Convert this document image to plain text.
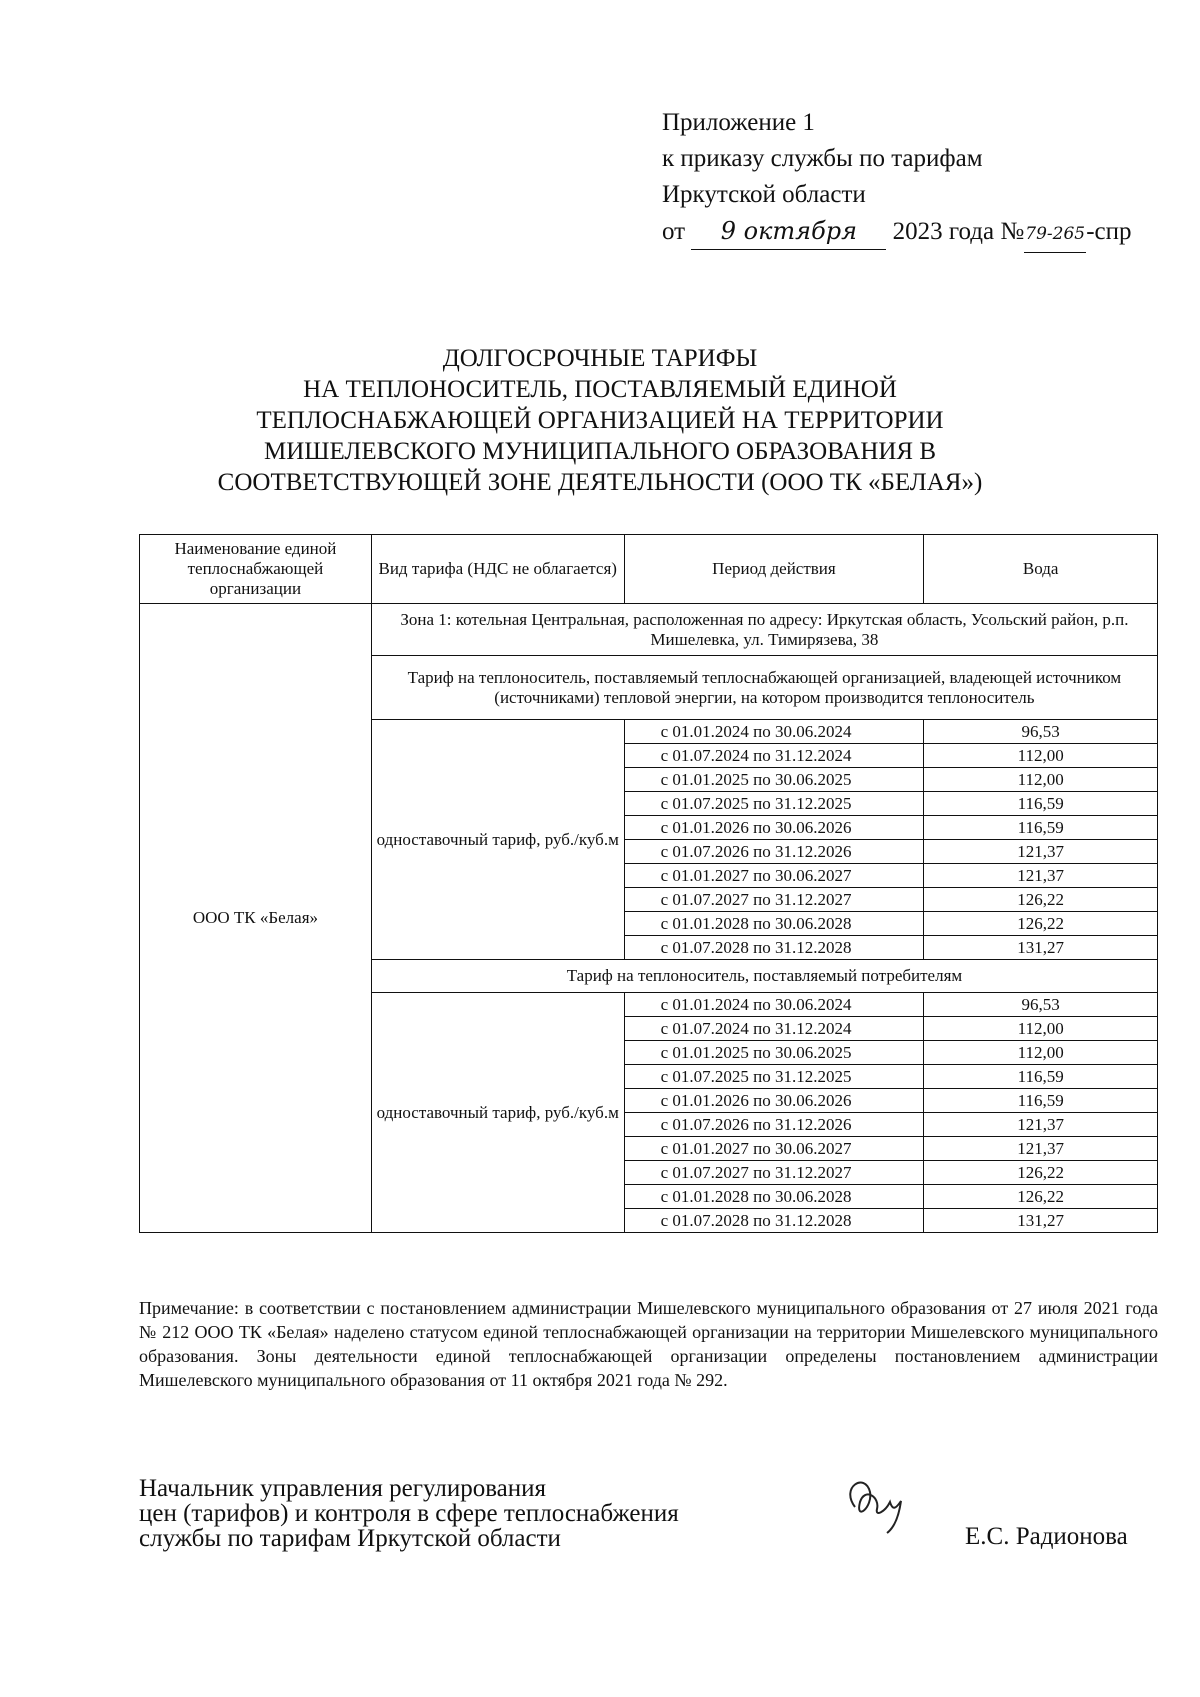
Приложение 1
к приказу службы по тарифам
Иркутской области
от 9 октября 2023 года №79-265-спр
ДОЛГОСРОЧНЫЕ ТАРИФЫ
НА ТЕПЛОНОСИТЕЛЬ, ПОСТАВЛЯЕМЫЙ ЕДИНОЙ
ТЕПЛОСНАБЖАЮЩЕЙ ОРГАНИЗАЦИЕЙ НА ТЕРРИТОРИИ
МИШЕЛЕВСКОГО МУНИЦИПАЛЬНОГО ОБРАЗОВАНИЯ В
СООТВЕТСТВУЮЩЕЙ ЗОНЕ ДЕЯТЕЛЬНОСТИ (ООО ТК «БЕЛАЯ»)
Наименование единой теплоснабжающей организации	Вид тарифа (НДС не облагается)	Период действия	Вода
ООО ТК «Белая»	Зона 1: котельная Центральная, расположенная по адресу: Иркутская область, Усольский район, р.п. Мишелевка, ул. Тимирязева, 38		
	Тариф на теплоноситель, поставляемый теплоснабжающей организацией, владеющей источником (источниками) тепловой энергии, на котором производится теплоноситель		
	одноставочный тариф, руб./куб.м	с 01.01.2024 по 30.06.2024	96,53
		с 01.07.2024 по 31.12.2024	112,00
		с 01.01.2025 по 30.06.2025	112,00
		с 01.07.2025 по 31.12.2025	116,59
		с 01.01.2026 по 30.06.2026	116,59
		с 01.07.2026 по 31.12.2026	121,37
		с 01.01.2027 по 30.06.2027	121,37
		с 01.07.2027 по 31.12.2027	126,22
		с 01.01.2028 по 30.06.2028	126,22
		с 01.07.2028 по 31.12.2028	131,27
	Тариф на теплоноситель, поставляемый потребителям		
	одноставочный тариф, руб./куб.м	с 01.01.2024 по 30.06.2024	96,53
		с 01.07.2024 по 31.12.2024	112,00
		с 01.01.2025 по 30.06.2025	112,00
		с 01.07.2025 по 31.12.2025	116,59
		с 01.01.2026 по 30.06.2026	116,59
		с 01.07.2026 по 31.12.2026	121,37
		с 01.01.2027 по 30.06.2027	121,37
		с 01.07.2027 по 31.12.2027	126,22
		с 01.01.2028 по 30.06.2028	126,22
		с 01.07.2028 по 31.12.2028	131,27
Примечание: в соответствии с постановлением администрации Мишелевского муниципального образования от 27 июля 2021 года № 212 ООО ТК «Белая» наделено статусом единой теплоснабжающей организации на территории Мишелевского муниципального образования. Зоны деятельности единой теплоснабжающей организации определены постановлением администрации Мишелевского муниципального образования от 11 октября 2021 года № 292.
Начальник управления регулирования
цен (тарифов) и контроля в сфере теплоснабжения
службы по тарифам Иркутской области	Е.С. Радионова
